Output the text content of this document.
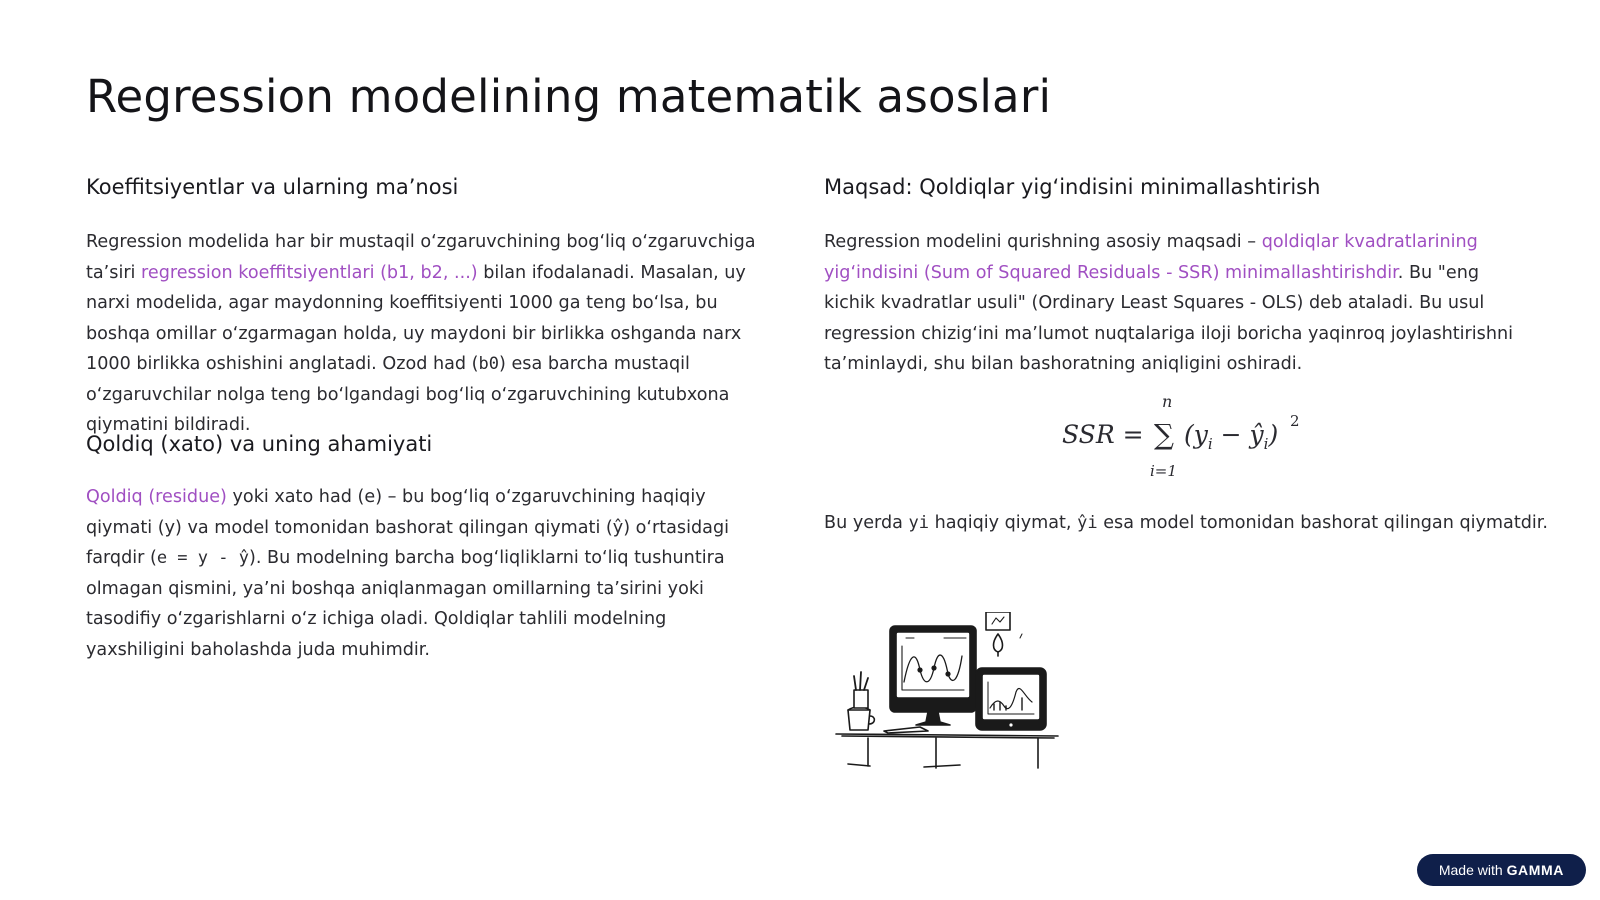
Regression modelining matematik asoslari
Koeffitsiyentlar va ularning ma’nosi

Regression modelida har bir mustaqil o‘zgaruvchining bog‘liq o‘zgaruvchiga ta’siri regression koeffitsiyentlari (b1, b2, ...) bilan ifodalanadi. Masalan, uy narxi modelida, agar maydonning koeffitsiyenti 1000 ga teng bo‘lsa, bu boshqa omillar o‘zgarmagan holda, uy maydoni bir birlikka oshganda narx 1000 birlikka oshishini anglatadi. Ozod had (b0) esa barcha mustaqil o‘zgaruvchilar nolga teng bo‘lgandagi bog‘liq o‘zgaruvchining kutubxona qiymatini bildiradi.

Qoldiq (xato) va uning ahamiyati

Qoldiq (residue) yoki xato had (e) – bu bog‘liq o‘zgaruvchining haqiqiy qiymati (y) va model tomonidan bashorat qilingan qiymati (ŷ) o‘rtasidagi farqdir (e = y - ŷ). Bu modelning barcha bog‘liqliklarni to‘liq tushuntira olmagan qismini, ya’ni boshqa aniqlanmagan omillarning ta’sirini yoki tasodifiy o‘zgarishlarni o‘z ichiga oladi. Qoldiqlar tahlili modelning yaxshiligini baholashda juda muhimdir.

Maqsad: Qoldiqlar yig‘indisini minimallashtirish

Regression modelini qurishning asosiy maqsadi – qoldiqlar kvadratlarining yig‘indisini (Sum of Squared Residuals - SSR) minimallashtirishdir. Bu "eng kichik kvadratlar usuli" (Ordinary Least Squares - OLS) deb ataladi. Bu usul regression chizig‘ini ma’lumot nuqtalariga iloji boricha yaqinroq joylashtirishni ta’minlaydi, shu bilan bashoratning aniqligini oshiradi.

SSR =
n
∑
i=1
($y_i$ − $ŷ_i$) 2

Bu yerda yi haqiqiy qiymat, ŷi esa model tomonidan bashorat qilingan qiymatdir.

Made with GAMMA
